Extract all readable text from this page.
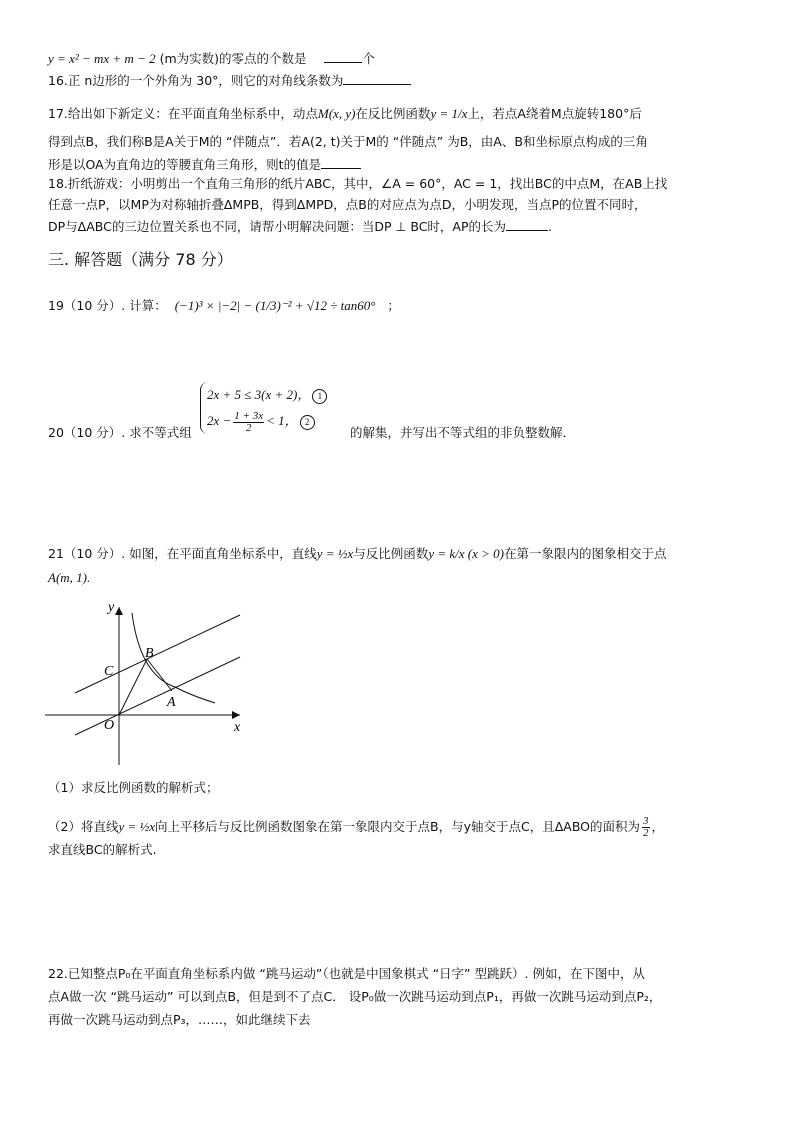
y = x² − mx + m − 2 (m为实数)的零点的个数是	个
16.正 n边形的一个外角为 30°，则它的对角线条数为
17.给出如下新定义：在平面直角坐标系中，动点M(x, y)在反比例函数y = 1/x上，若点A绕着M点旋转180°后
得到点B，我们称B是A关于M的 “伴随点”．若A(2, t)关于M的 “伴随点” 为B，由A、B和坐标原点构成的三角
形是以OA为直角边的等腰直角三角形，则t的值是
18.折纸游戏：小明剪出一个直角三角形的纸片ABC，其中，∠A = 60°，AC = 1，找出BC的中点M，在AB上找
任意一点P，以MP为对称轴折叠ΔMPB，得到ΔMPD，点B的对应点为点D，小明发现，当点P的位置不同时，
DP与ΔABC的三边位置关系也不同，请帮小明解决问题：当DP ⊥ BC时，AP的长为	.
三. 解答题（满分 78 分）
19（10 分）. 计算： (−1)³ × |−2| − (1/3)⁻² + √12 ÷ tan60° ；
20（10 分）. 求不等式组
2x + 5 ≤ 3(x + 2)， 1
$2x - \frac{1 + 3x}{2} < 1$， 2
的解集，并写出不等式组的非负整数解．
21（10 分）. 如图，在平面直角坐标系中，直线y = ½x与反比例函数y = k/x (x > 0)在第一象限内的图象相交于点
A(m, 1).
y
x
O
A
B
C
（1）求反比例函数的解析式；
（2）将直线y = ½x向上平移后与反比例函数图象在第一象限内交于点B，与y轴交于点C，且ΔABO的面积为 $\frac{3}{2}$ ，
求直线BC的解析式.
22.已知整点P₀在平面直角坐标系内做 “跳马运动”（也就是中国象棋式 “日字” 型跳跃）. 例如，在下图中，从
点A做一次 “跳马运动” 可以到点B，但是到不了点C． 设P₀做一次跳马运动到点P₁，再做一次跳马运动到点P₂，
再做一次跳马运动到点P₃，……，如此继续下去
